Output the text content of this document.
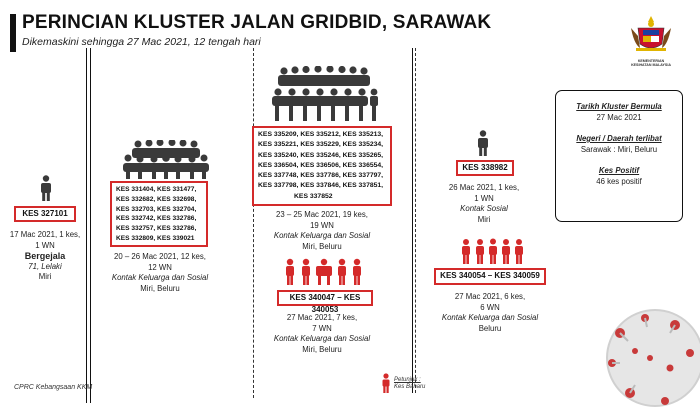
PERINCIAN KLUSTER JALAN GRIDBID, SARAWAK
Dikemaskini sehingga 27 Mac 2021, 12 tengah hari
KEMENTERIAN KESIHATAN MALAYSIA
KES 327101
17 Mac 2021, 1 kes,
1 WN
Bergejala
71, Lelaki
Miri
KES 331404, KES 331477,
KES 332682, KES 332698,
KES 332703, KES 332704,
KES 332742, KES 332786,
KES 332757, KES 332786,
KES 332809, KES 339021
20 – 26 Mac 2021, 12 kes,
12 WN
Kontak Keluarga dan Sosial
Miri, Beluru
KES 335209, KES 335212, KES 335213,
KES 335221, KES 335229, KES 335234,
KES 335240, KES 335246, KES 335265,
KES 336504, KES 336506, KES 336554,
KES 337748, KES 337786, KES 337797,
KES 337798, KES 337846, KES 337851,
KES 337852
23 – 25 Mac 2021, 19 kes,
19 WN
Kontak Keluarga dan Sosial
Miri, Beluru
KES 340047 – KES 340053
27 Mac 2021, 7 kes,
7 WN
Kontak Keluarga dan Sosial
Miri, Beluru
KES 338982
26 Mac 2021, 1 kes,
1 WN
Kontak Sosial
Miri
KES 340054 – KES 340059
27 Mac 2021, 6 kes,
6 WN
Kontak Keluarga dan Sosial
Beluru
Tarikh Kluster Bermula
27 Mac 2021
Negeri / Daerah terlibat
Sarawak : Miri, Beluru
Kes Positif
46 kes positif
Petunjuk :
Kes Baharu
CPRC Kebangsaan KKM
